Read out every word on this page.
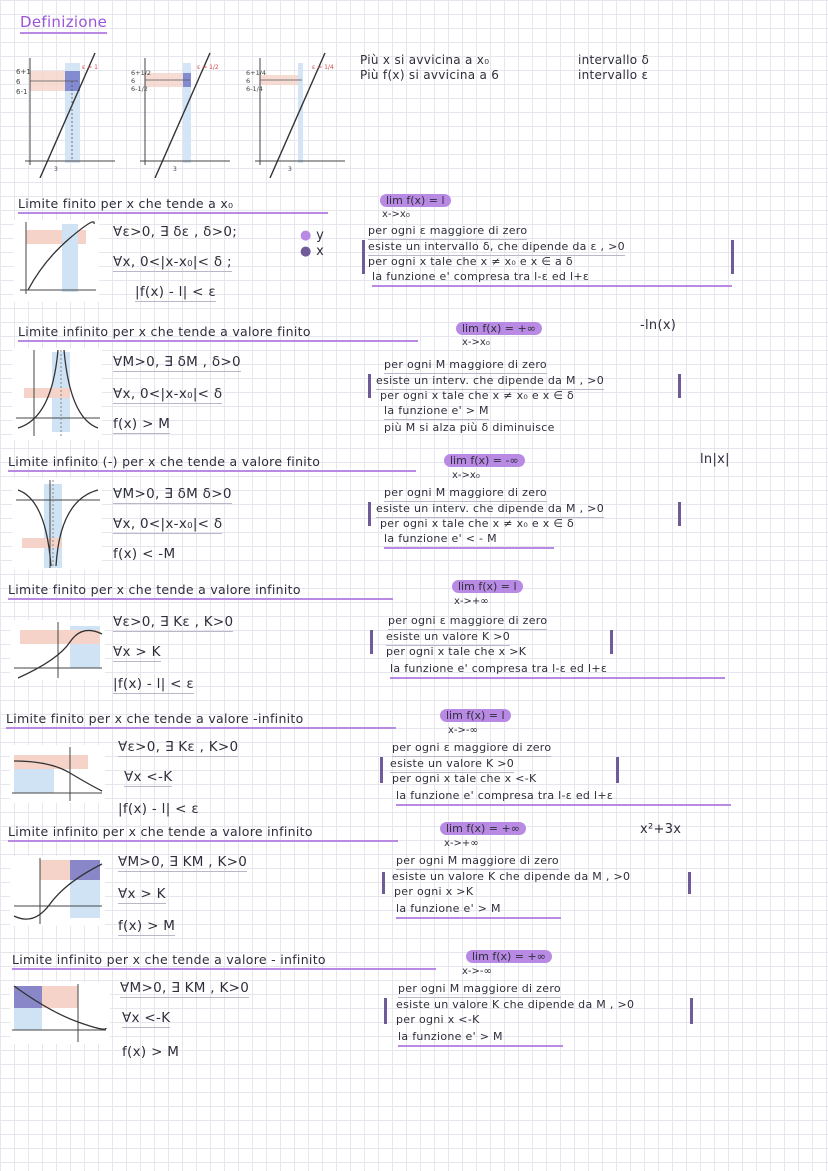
Definizione
6+1
6
6-1
3
ε = 1
6+1/2
6
6-1/2
3
ε = 1/2
6+1/4
6
6-1/4
3
ε = 1/4
Più x si avvicina a x₀
Più f(x) si avvicina a 6
intervallo δ
intervallo ε
Limite finito per x che tende a x₀
∀ε>0, ∃ δε , δ>0;
∀x, 0<|x-x₀|< δ ;
|f(x) - l| < ε
● y
● x
lim f(x) = l
x->x₀
per ogni ε maggiore di zero
esiste un intervallo δ, che dipende da ε , >0
per ogni x tale che x ≠ x₀ e x ∈ a δ
la funzione e' compresa tra l-ε ed l+ε
Limite infinito per x che tende a valore finito	-ln(x)
∀M>0, ∃ δM , δ>0
∀x, 0<|x-x₀|< δ
f(x) > M
lim f(x) = +∞
x->x₀
per ogni M maggiore di zero
esiste un interv. che dipende da M , >0
per ogni x tale che x ≠ x₀ e x ∈ δ
la funzione e' > M
più M si alza più δ diminuisce
Limite infinito (-) per x che tende a valore finito	ln|x|
∀M>0, ∃ δM δ>0
∀x, 0<|x-x₀|< δ
f(x) < -M
lim f(x) = -∞
x->x₀
per ogni M maggiore di zero
esiste un interv. che dipende da M , >0
per ogni x tale che x ≠ x₀ e x ∈ δ
la funzione e' < - M
Limite finito per x che tende a valore infinito
∀ε>0, ∃ Kε , K>0
∀x > K
|f(x) - l| < ε
lim f(x) = l
x->+∞
per ogni ε maggiore di zero
esiste un valore K >0
per ogni x tale che x >K
la funzione e' compresa tra l-ε ed l+ε
Limite finito per x che tende a valore -infinito
∀ε>0, ∃ Kε , K>0
∀x <-K
|f(x) - l| < ε
lim f(x) = l
x->-∞
per ogni ε maggiore di zero
esiste un valore K >0
per ogni x tale che x <-K
la funzione e' compresa tra l-ε ed l+ε
Limite infinito per x che tende a valore infinito	x²+3x
∀M>0, ∃ KM , K>0
∀x > K
f(x) > M
lim f(x) = +∞
x->+∞
per ogni M maggiore di zero
esiste un valore K che dipende da M , >0
per ogni x >K
la funzione e' > M
Limite infinito per x che tende a valore - infinito
∀M>0, ∃ KM , K>0
∀x <-K
f(x) > M
lim f(x) = +∞
x->-∞
per ogni M maggiore di zero
esiste un valore K che dipende da M , >0
per ogni x <-K
la funzione e' > M
